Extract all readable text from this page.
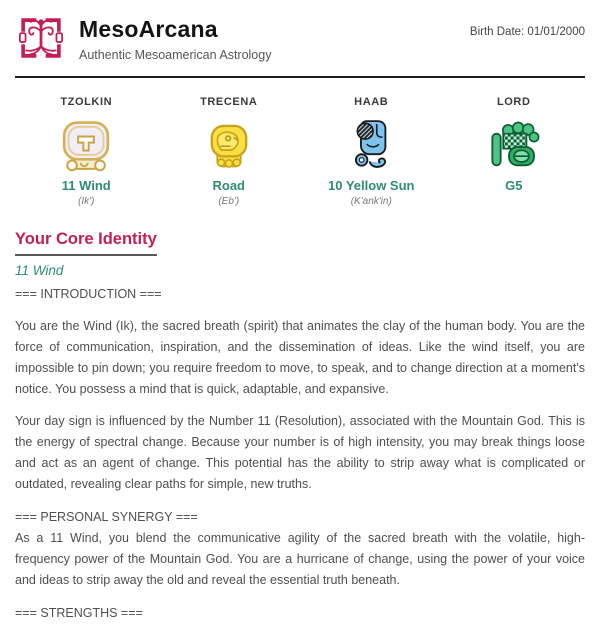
MesoArcana
Authentic Mesoamerican Astrology
Birth Date: 01/01/2000
TZOLKIN
11 Wind
(Ik')
TRECENA
Road
(Eb')
HAAB
10 Yellow Sun
(K'ank'in)
LORD
G5
Your Core Identity
11 Wind
=== INTRODUCTION ===

You are the Wind (Ik), the sacred breath (spirit) that animates the clay of the human body. You are the force of communication, inspiration, and the dissemination of ideas. Like the wind itself, you are impossible to pin down; you require freedom to move, to speak, and to change direction at a moment's notice. You possess a mind that is quick, adaptable, and expansive.

Your day sign is influenced by the Number 11 (Resolution), associated with the Mountain God. This is the energy of spectral change. Because your number is of high intensity, you may break things loose and act as an agent of change. This potential has the ability to strip away what is complicated or outdated, revealing clear paths for simple, new truths.

=== PERSONAL SYNERGY ===

As a 11 Wind, you blend the communicative agility of the sacred breath with the volatile, high-frequency power of the Mountain God. You are a hurricane of change, using the power of your voice and ideas to strip away the old and reveal the essential truth beneath.

=== STRENGTHS ===
